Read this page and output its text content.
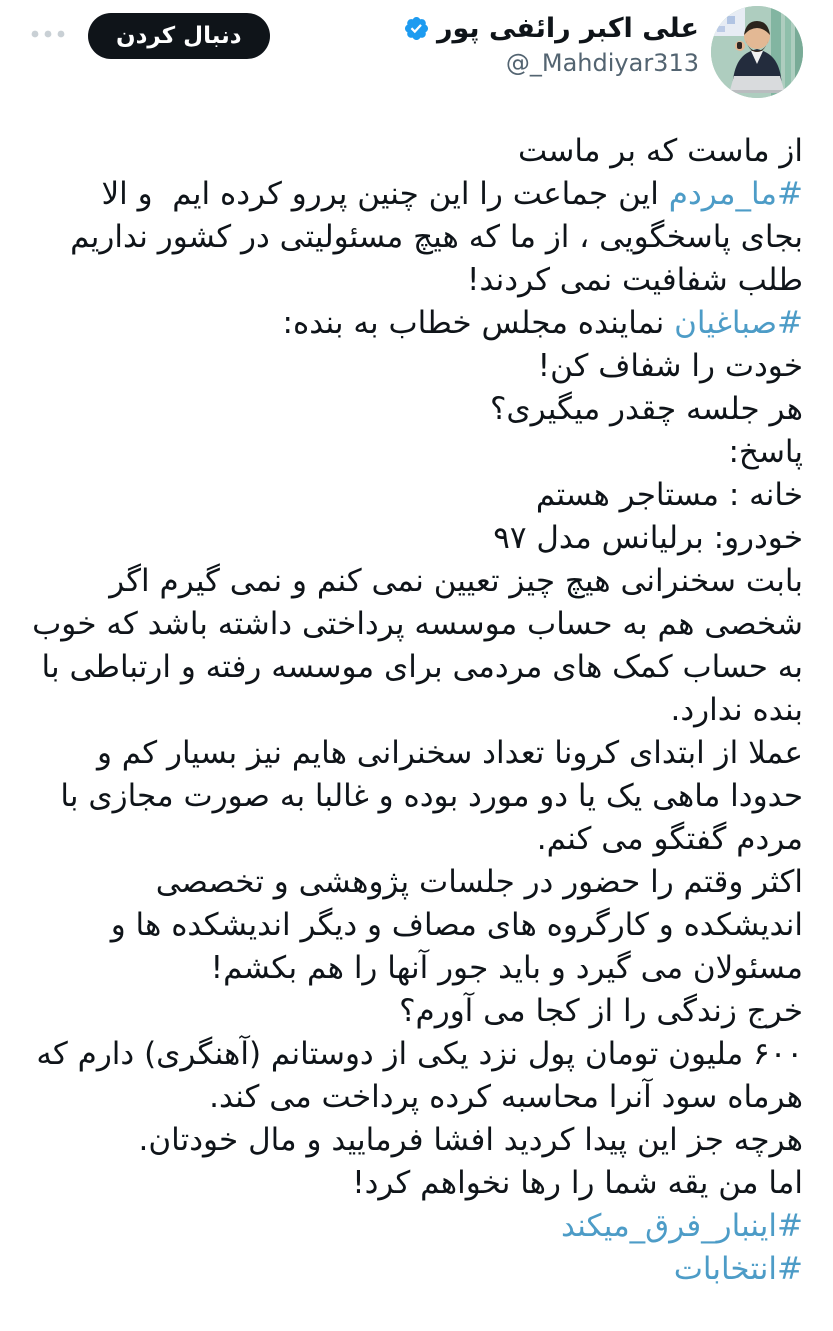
علی اکبر رائفی پور
@_Mahdiyar313
دنبال کردن

از ماست که بر ماست

#ما_مردم این جماعت را این چنین پررو کرده ایم  و الا بجای پاسخگویی ، از ما که هیچ مسئولیتی در کشور نداریم طلب شفافیت نمی کردند!

#صباغیان نماینده مجلس خطاب به بنده:

خودت را شفاف کن!

هر جلسه چقدر میگیری؟

پاسخ:

خانه : مستاجر هستم

خودرو: برلیانس مدل ۹۷

بابت سخنرانی هیچ چیز تعیین نمی کنم و نمی گیرم اگر شخصی هم به حساب موسسه پرداختی داشته باشد که خوب به حساب کمک های مردمی برای موسسه رفته و ارتباطی با بنده ندارد.

عملا از ابتدای کرونا تعداد سخنرانی هایم نیز بسیار کم و حدودا ماهی یک یا دو مورد بوده و غالبا به صورت مجازی با مردم گفتگو می کنم.

اکثر وقتم را حضور در جلسات پژوهشی و تخصصی اندیشکده و کارگروه های مصاف و دیگر اندیشکده ها و مسئولان می گیرد و باید جور آنها را هم بکشم!

خرج زندگی را از کجا می آورم؟

۶۰۰ ملیون تومان پول نزد یکی از دوستانم (آهنگری) دارم که هرماه سود آنرا محاسبه کرده پرداخت می کند.

هرچه جز این پیدا کردید افشا فرمایید و مال خودتان.

اما من یقه شما را رها نخواهم کرد!

#اینبار_فرق_میکند

#انتخابات
